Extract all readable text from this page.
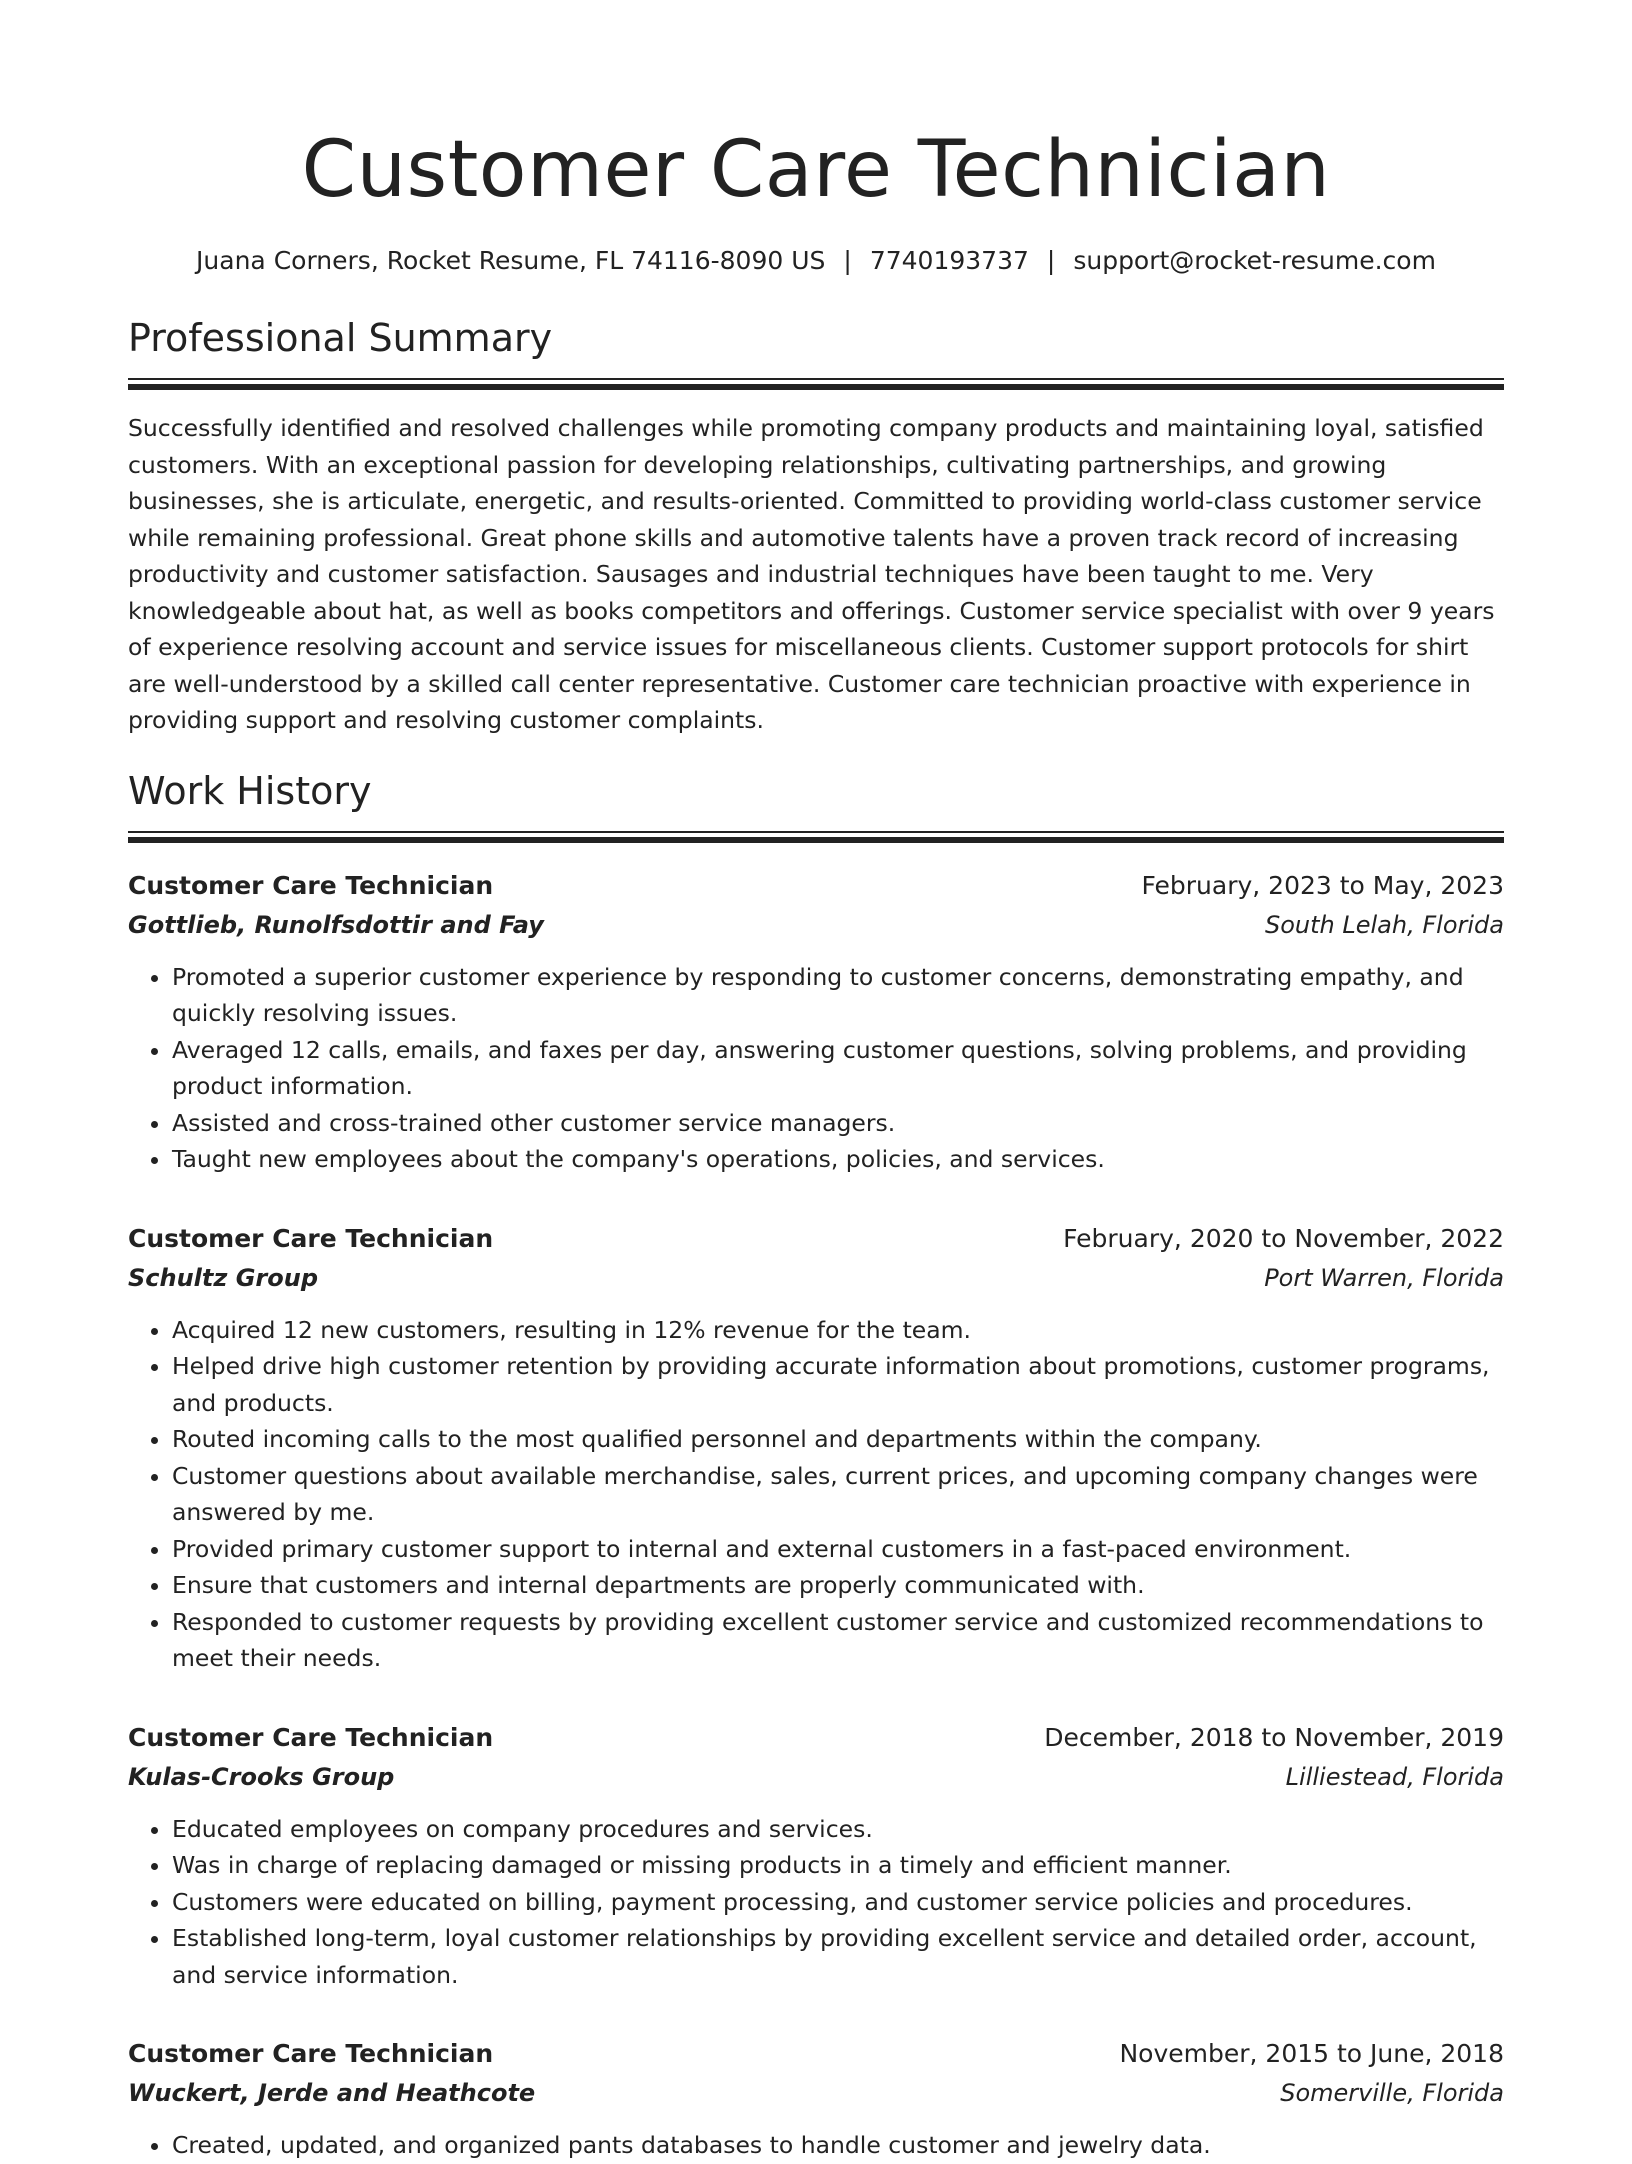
Customer Care Technician
Juana Corners, Rocket Resume, FL 74116-8090 US | 7740193737 | support@rocket-resume.com
Professional Summary

Successfully identified and resolved challenges while promoting company products and maintaining loyal, satisfied customers. With an exceptional passion for developing relationships, cultivating partnerships, and growing businesses, she is articulate, energetic, and results-oriented. Committed to providing world-class customer service while remaining professional. Great phone skills and automotive talents have a proven track record of increasing productivity and customer satisfaction. Sausages and industrial techniques have been taught to me. Very knowledgeable about hat, as well as books competitors and offerings. Customer service specialist with over 9 years of experience resolving account and service issues for miscellaneous clients. Customer support protocols for shirt are well-understood by a skilled call center representative. Customer care technician proactive with experience in providing support and resolving customer complaints.

Work History
Customer Care Technician	February, 2023 to May, 2023
Gottlieb, Runolfsdottir and Fay	South Lelah, Florida
• Promoted a superior customer experience by responding to customer concerns, demonstrating empathy, and quickly resolving issues.
• Averaged 12 calls, emails, and faxes per day, answering customer questions, solving problems, and providing product information.
• Assisted and cross-trained other customer service managers.
• Taught new employees about the company's operations, policies, and services.
Customer Care Technician	February, 2020 to November, 2022
Schultz Group	Port Warren, Florida
• Acquired 12 new customers, resulting in 12% revenue for the team.
• Helped drive high customer retention by providing accurate information about promotions, customer programs, and products.
• Routed incoming calls to the most qualified personnel and departments within the company.
• Customer questions about available merchandise, sales, current prices, and upcoming company changes were answered by me.
• Provided primary customer support to internal and external customers in a fast-paced environment.
• Ensure that customers and internal departments are properly communicated with.
• Responded to customer requests by providing excellent customer service and customized recommendations to meet their needs.
Customer Care Technician	December, 2018 to November, 2019
Kulas-Crooks Group	Lilliestead, Florida
• Educated employees on company procedures and services.
• Was in charge of replacing damaged or missing products in a timely and efficient manner.
• Customers were educated on billing, payment processing, and customer service policies and procedures.
• Established long-term, loyal customer relationships by providing excellent service and detailed order, account, and service information.
Customer Care Technician	November, 2015 to June, 2018
Wuckert, Jerde and Heathcote	Somerville, Florida
• Created, updated, and organized pants databases to handle customer and jewelry data.
